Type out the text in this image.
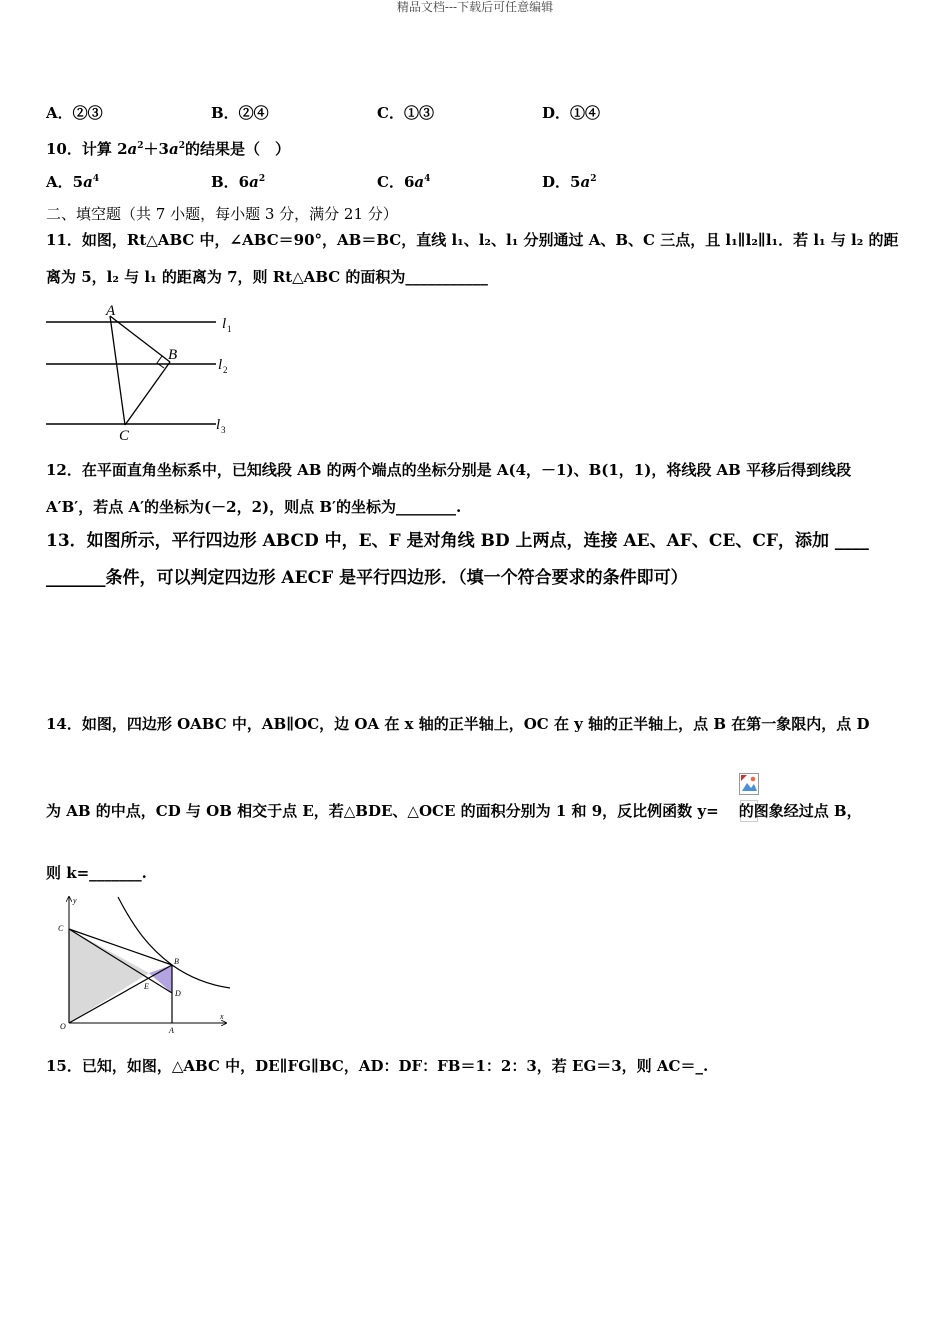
精品文档---下载后可任意编辑
A．②③	B．②④	C．①③	D．①④
10．计算 $2a^2+3a^2$的结果是（　）
A．$5a^4$	B．$6a^2$	C．$6a^4$	D．$5a^2$
二、填空题（共 7 小题，每小题 3 分，满分 21 分）
11．如图，Rt△ABC 中，∠ABC＝90°，AB＝BC，直线 l₁、l₂、l₁ 分别通过 A、B、C 三点，且 l₁∥l₂∥l₁．若 l₁ 与 l₂ 的距
离为 5，l₂ 与 l₁ 的距离为 7，则 Rt△ABC 的面积为___________
A
B
C
l 1
l 2
l 3
12．在平面直角坐标系中，已知线段 AB 的两个端点的坐标分别是 A(4，－1)、B(1，1)，将线段 AB 平移后得到线段
A′B′，若点 A′的坐标为(－2，2)，则点 B′的坐标为________.
13．如图所示，平行四边形 ABCD 中，E、F 是对角线 BD 上两点，连接 AE、AF、CE、CF，添加 ____
_______条件，可以判定四边形 AECF 是平行四边形．（填一个符合要求的条件即可）
14．如图，四边形 OABC 中，AB∥OC，边 OA 在 x 轴的正半轴上，OC 在 y 轴的正半轴上，点 B 在第一象限内，点 D
为 AB 的中点，CD 与 OB 相交于点 E，若△BDE、△OCE 的面积分别为 1 和 9，反比例函数 y= 的图象经过点 B，
则 k=_______.
y
x
C
B
E
D
O	A
15．已知，如图，△ABC 中，DE∥FG∥BC，AD：DF：FB＝1：2：3，若 EG＝3，则 AC＝_.
